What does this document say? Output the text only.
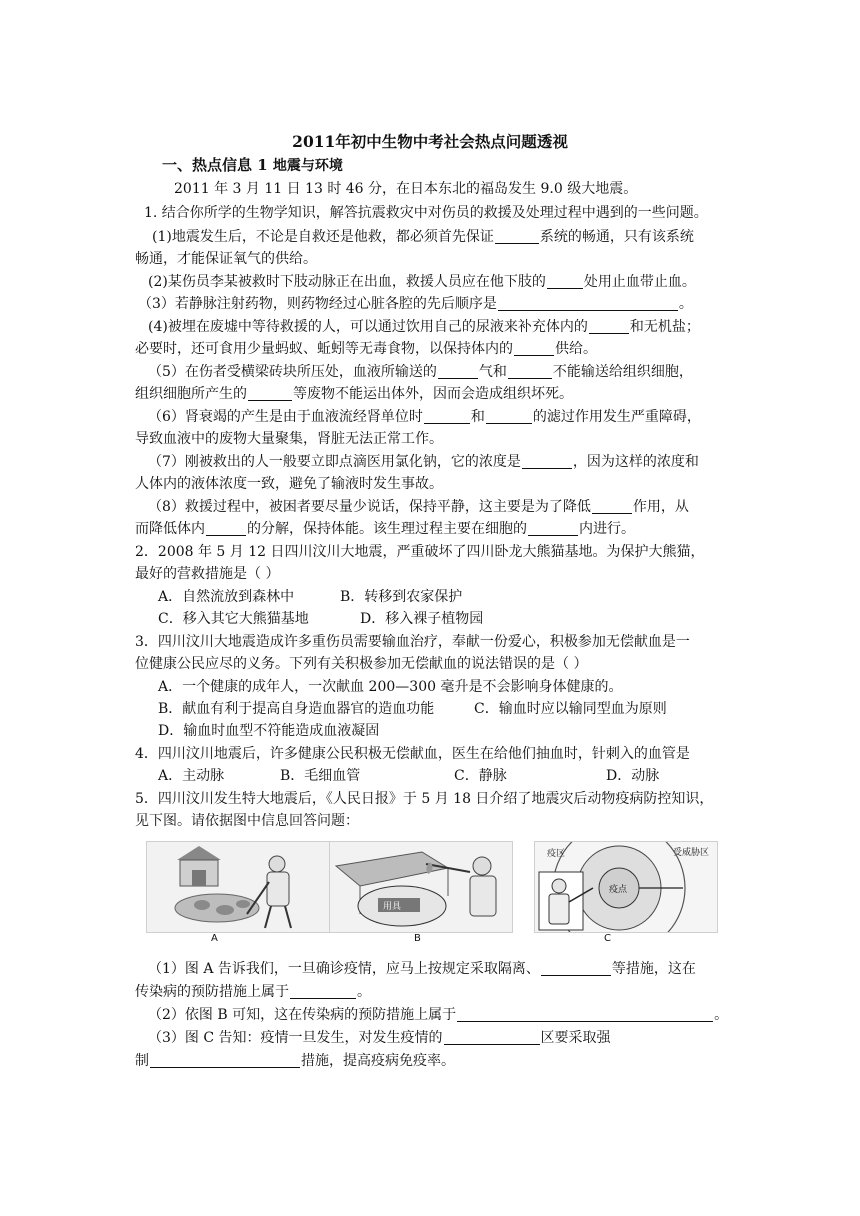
2011年初中生物中考社会热点问题透视
一、热点信息 1 地震与环境
2011 年 3 月 11 日 13 时 46 分，在日本东北的福岛发生 9.0 级大地震。
1. 结合你所学的生物学知识，解答抗震救灾中对伤员的救援及处理过程中遇到的一些问题。
(1)地震发生后，不论是自救还是他救，都必须首先保证	系统的畅通，只有该系统
畅通，才能保证氧气的供给。
(2)某伤员李某被救时下肢动脉正在出血，救援人员应在他下肢的	处用止血带止血。
（3）若静脉注射药物，则药物经过心脏各腔的先后顺序是	。
(4)被埋在废墟中等待救援的人，可以通过饮用自己的尿液来补充体内的	和无机盐；
必要时，还可食用少量蚂蚁、蚯蚓等无毒食物，以保持体内的	供给。
（5）在伤者受横梁砖块所压处，血液所输送的	气和	不能输送给组织细胞，
组织细胞所产生的	等废物不能运出体外，因而会造成组织坏死。
（6）肾衰竭的产生是由于血液流经肾单位时	和	的滤过作用发生严重障碍，
导致血液中的废物大量聚集，肾脏无法正常工作。
（7）刚被救出的人一般要立即点滴医用氯化钠，它的浓度是	，因为这样的浓度和
人体内的液体浓度一致，避免了输液时发生事故。
（8）救援过程中，被困者要尽量少说话，保持平静，这主要是为了降低	作用，从
而降低体内	的分解，保持体能。该生理过程主要在细胞的	内进行。
2．2008 年 5 月 12 日四川汶川大地震，严重破坏了四川卧龙大熊猫基地。为保护大熊猫，
最好的营救措施是（ ）
A．自然流放到森林中	B．转移到农家保护
C．移入其它大熊猫基地	D．移入裸子植物园
3．四川汶川大地震造成许多重伤员需要输血治疗，奉献一份爱心，积极参加无偿献血是一
位健康公民应尽的义务。下列有关积极参加无偿献血的说法错误的是（ ）
A．一个健康的成年人，一次献血 200—300 毫升是不会影响身体健康的。
B．献血有利于提高自身造血器官的造血功能	C．输血时应以输同型血为原则
D．输血时血型不符能造成血液凝固
4．四川汶川地震后，许多健康公民积极无偿献血，医生在给他们抽血时，针刺入的血管是
A．主动脉	B．毛细血管	C．静脉	D．动脉
5．四川汶川发生特大地震后，《人民日报》于 5 月 18 日介绍了地震灾后动物疫病防控知识，
见下图。请依据图中信息回答问题：
A
用具
B
疫区	受威胁区
疫点
C
（1）图 A 告诉我们，一旦确诊疫情，应马上按规定采取隔离、	等措施，这在
传染病的预防措施上属于	。
（2）依图 B 可知，这在传染病的预防措施上属于	。
（3）图 C 告知：疫情一旦发生，对发生疫情的	区要采取强
制	措施，提高疫病免疫率。
